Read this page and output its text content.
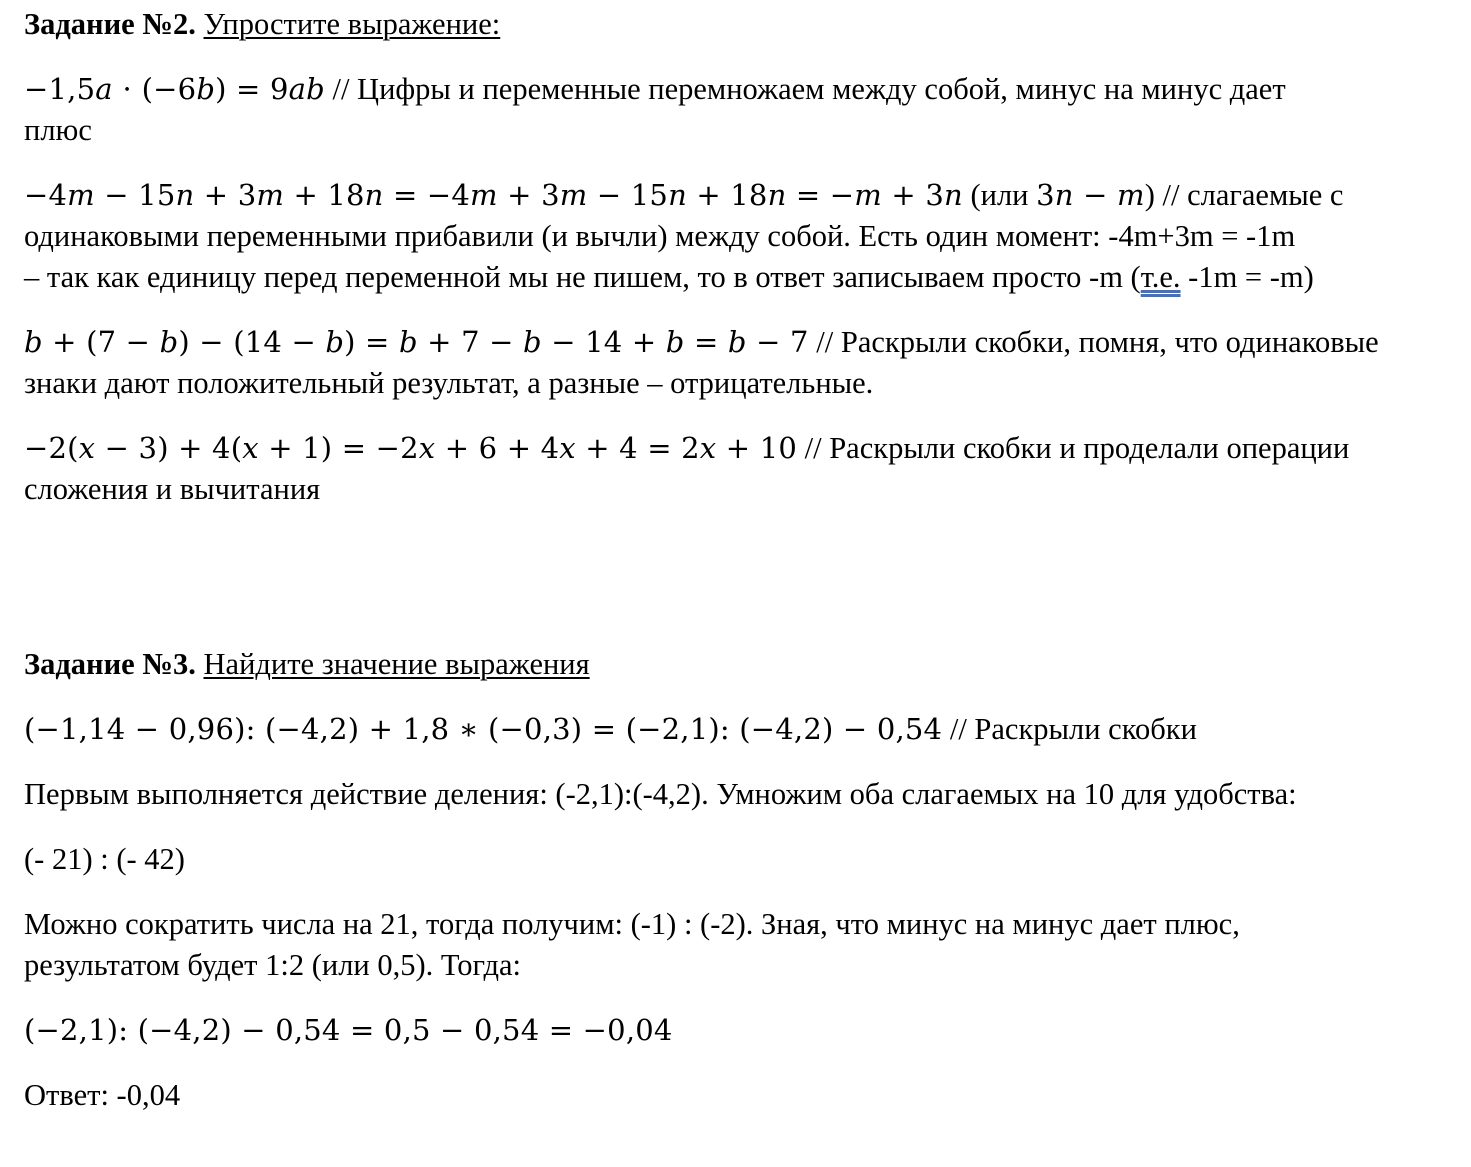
Задание №2. Упростите выражение:

−1,5𝑎 ⋅ (−6𝑏) = 9𝑎𝑏 // Цифры и переменные перемножаем между собой, минус на минус дает

плюс

−4𝑚 − 15𝑛 + 3𝑚 + 18𝑛 = −4𝑚 + 3𝑚 − 15𝑛 + 18𝑛 = −𝑚 + 3𝑛 (или 3𝑛 − 𝑚) // слагаемые с

одинаковыми переменными прибавили (и вычли) между собой. Есть один момент: -4m+3m = -1m

– так как единицу перед переменной мы не пишем, то в ответ записываем просто -m (т.е. -1m = -m)

𝑏 + (7 − 𝑏) − (14 − 𝑏) = 𝑏 + 7 − 𝑏 − 14 + 𝑏 = 𝑏 − 7 // Раскрыли скобки, помня, что одинаковые

знаки дают положительный результат, а разные – отрицательные.

−2(𝑥 − 3) + 4(𝑥 + 1) = −2𝑥 + 6 + 4𝑥 + 4 = 2𝑥 + 10 // Раскрыли скобки и проделали операции

сложения и вычитания

Задание №3. Найдите значение выражения

(−1,14 − 0,96): (−4,2) + 1,8 ∗ (−0,3) = (−2,1): (−4,2) − 0,54 // Раскрыли скобки

Первым выполняется действие деления: (-2,1):(-4,2). Умножим оба слагаемых на 10 для удобства:

(- 21) : (- 42)

Можно сократить числа на 21, тогда получим: (-1) : (-2). Зная, что минус на минус дает плюс,

результатом будет 1:2 (или 0,5). Тогда:

(−2,1): (−4,2) − 0,54 = 0,5 − 0,54 = −0,04

Ответ: -0,04
